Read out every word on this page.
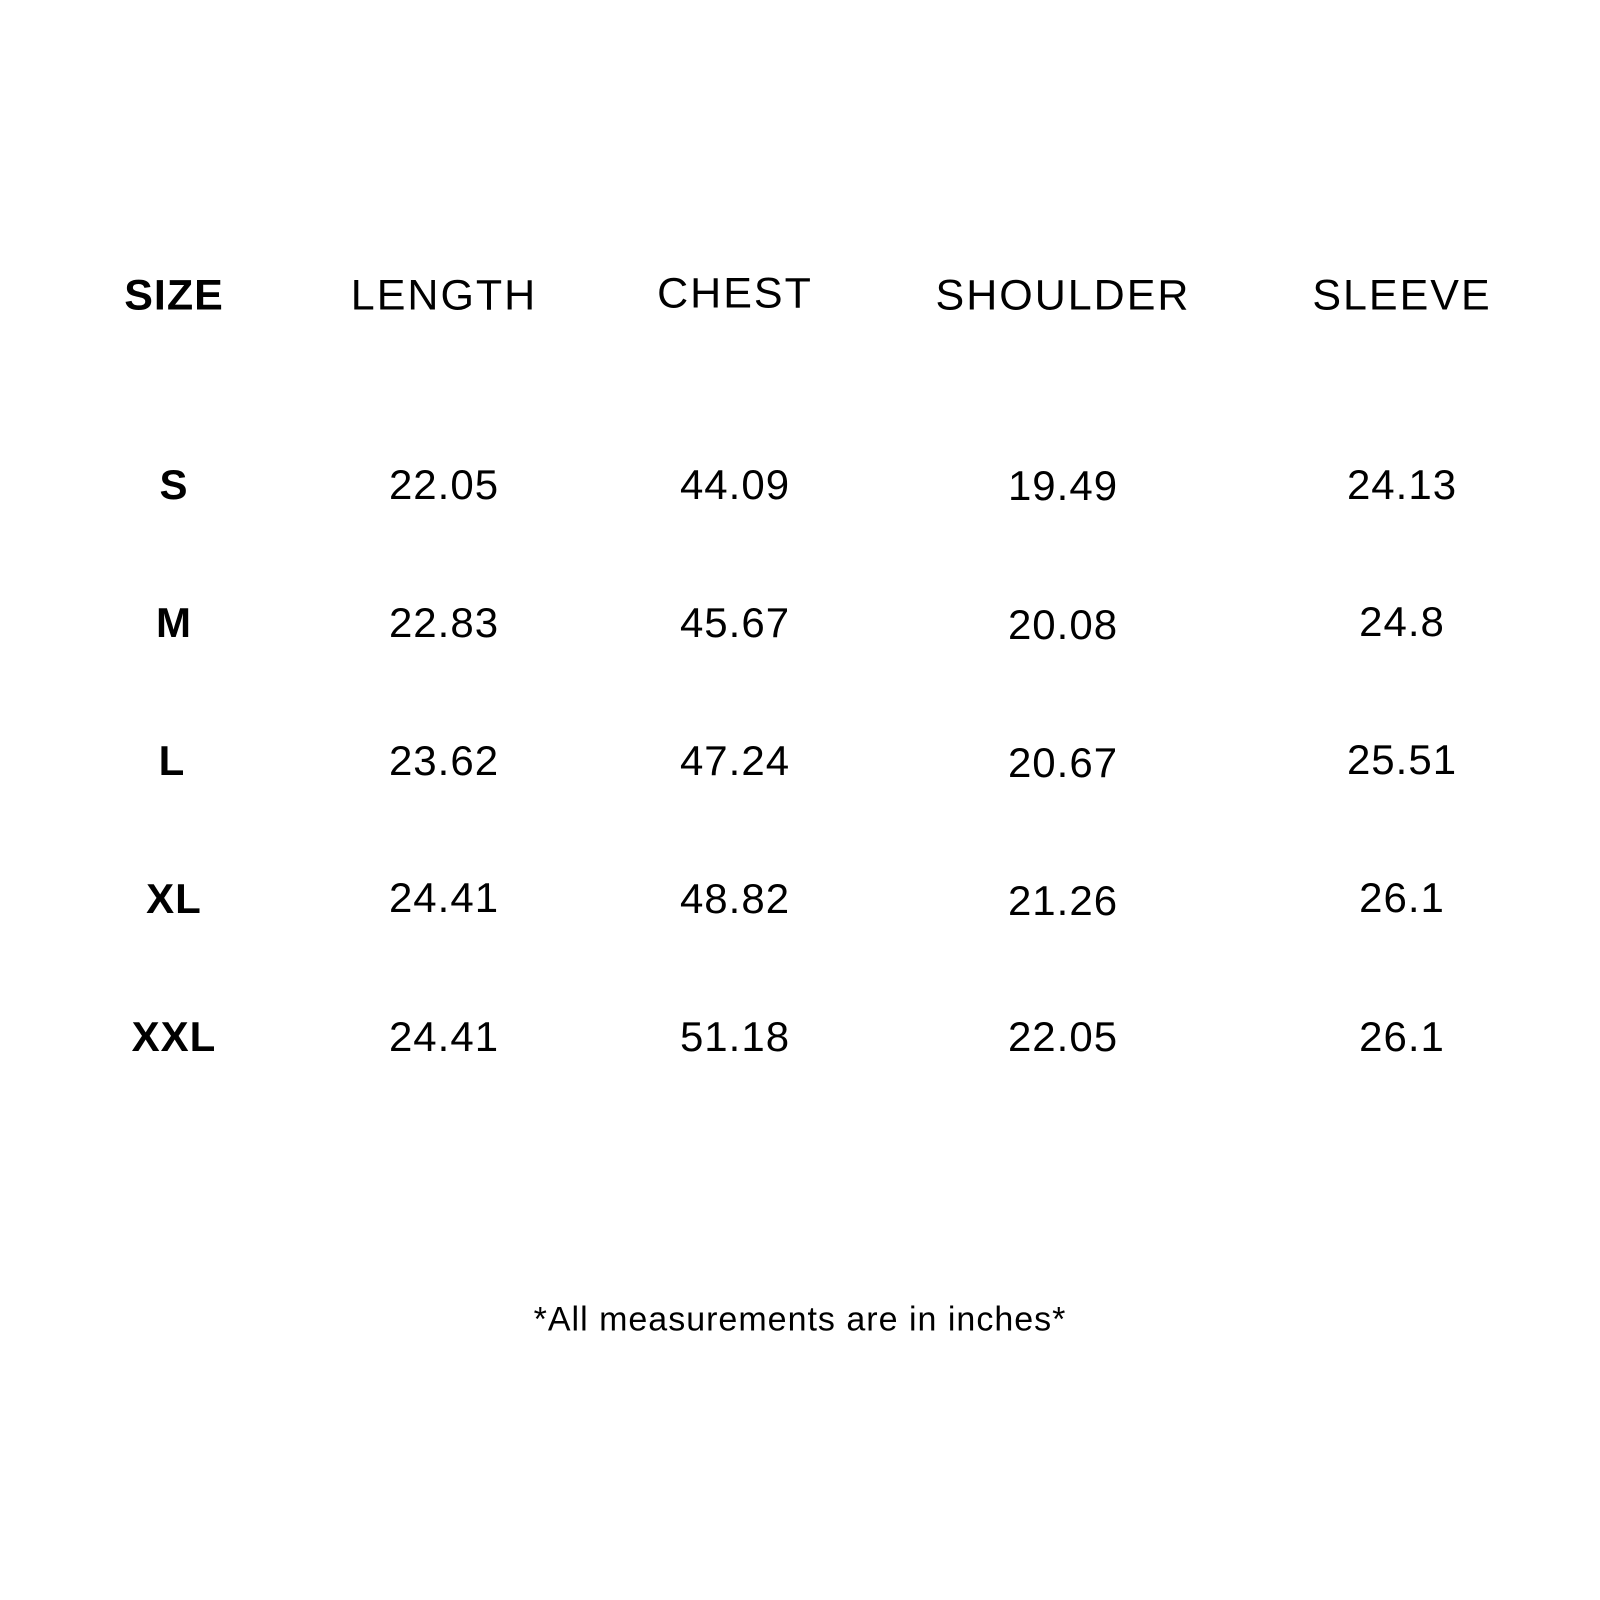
SIZE	LENGTH	CHEST	SHOULDER	SLEEVE
S	22.05	44.09	19.49	24.13
M	22.83	45.67	20.08	24.8
L	23.62	47.24	20.67	25.51
XL	24.41	48.82	21.26	26.1
XXL	24.41	51.18	22.05	26.1
*All measurements are in inches*
